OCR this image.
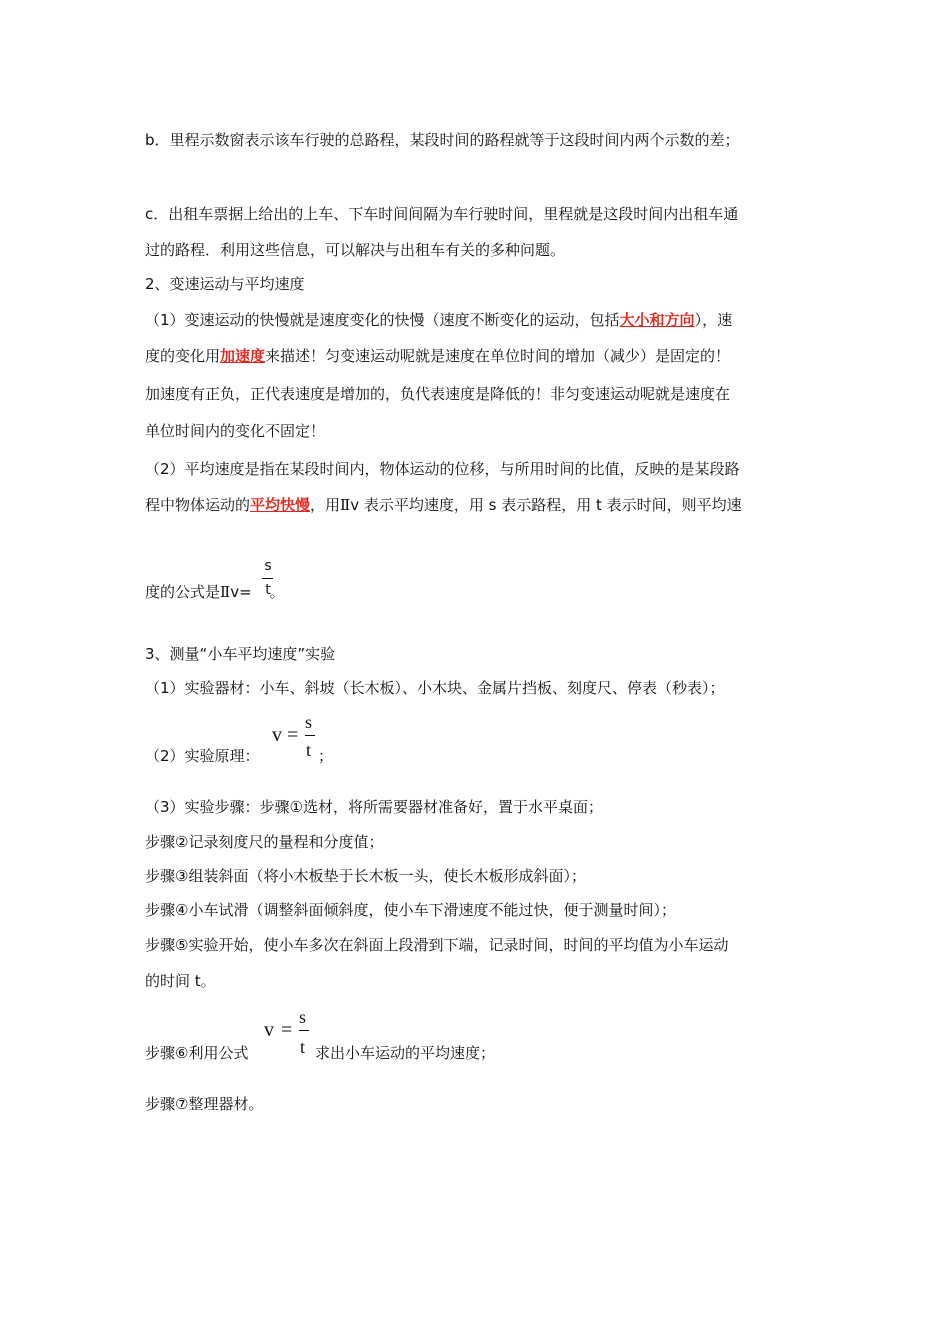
b．里程示数窗表示该车行驶的总路程，某段时间的路程就等于这段时间内两个示数的差；
c．出租车票据上给出的上车、下车时间间隔为车行驶时间，里程就是这段时间内出租车通
过的路程．利用这些信息，可以解决与出租车有关的多种问题。
2、变速运动与平均速度
（1）变速运动的快慢就是速度变化的快慢（速度不断变化的运动，包括大小和方向），速
度的变化用加速度来描述！匀变速运动呢就是速度在单位时间的增加（减少）是固定的！
加速度有正负，正代表速度是增加的，负代表速度是降低的！非匀变速运动呢就是速度在
单位时间内的变化不固定！
（2）平均速度是指在某段时间内，物体运动的位移，与所用时间的比值，反映的是某段路
程中物体运动的平均快慢，用Ⅱv 表示平均速度，用 s 表示路程，用 t 表示时间，则平均速
度的公式是Ⅱv= 。
s
t
3、测量“小车平均速度”实验
（1）实验器材：小车、斜坡（长木板）、小木块、金属片挡板、刻度尺、停表（秒表）；
（2）实验原理：
v =
s
t ；
（3）实验步骤：步骤①选材，将所需要器材准备好，置于水平桌面；
步骤②记录刻度尺的量程和分度值；
步骤③组装斜面（将小木板垫于长木板一头，使长木板形成斜面）；
步骤④小车试滑（调整斜面倾斜度，使小车下滑速度不能过快，便于测量时间）；
步骤⑤实验开始，使小车多次在斜面上段滑到下端，记录时间，时间的平均值为小车运动
的时间 t。
步骤⑥利用公式
v =
s
t 求出小车运动的平均速度；
步骤⑦整理器材。
